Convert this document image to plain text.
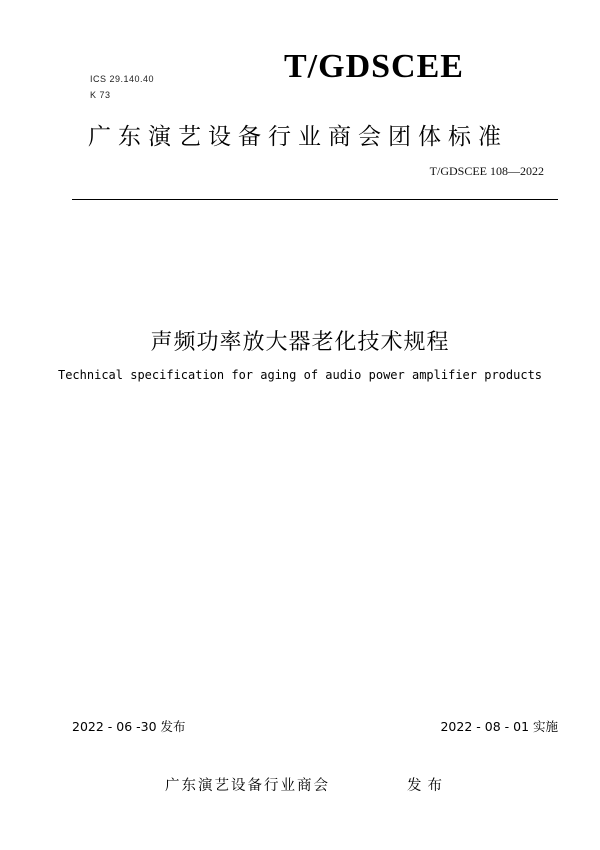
ICS 29.140.40
K 73
T/GDSCEE
广东演艺设备行业商会团体标准
T/GDSCEE 108—2022
声频功率放大器老化技术规程
Technical specification for aging of audio power amplifier products
2022 - 06 -30 发布	2022 - 08 - 01 实施
广东演艺设备行业商会	发布
